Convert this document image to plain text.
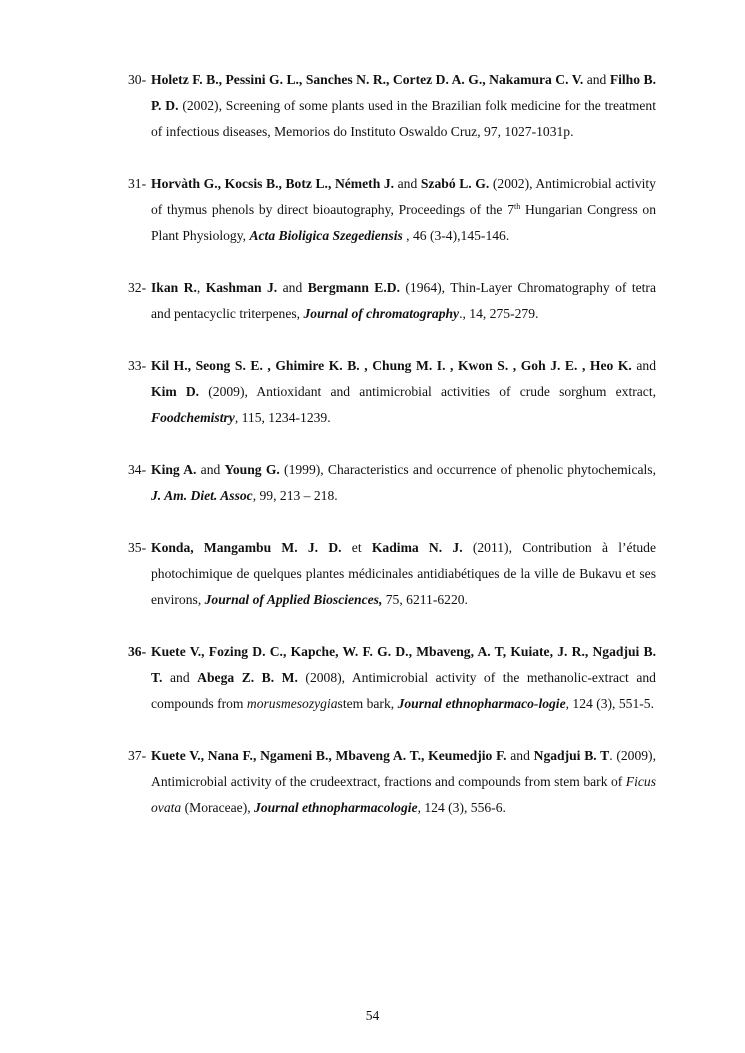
30- Holetz F. B., Pessini G. L., Sanches N. R., Cortez D. A. G., Nakamura C. V. and Filho B. P. D. (2002), Screening of some plants used in the Brazilian folk medicine for the treatment of infectious diseases, Memorios do Instituto Oswaldo Cruz, 97, 1027-1031p.
31- Horvàth G., Kocsis B., Botz L., Németh J. and Szabó L. G. (2002), Antimicrobial activity of thymus phenols by direct bioautography, Proceedings of the 7th Hungarian Congress on Plant Physiology, Acta Bioligica Szegediensis , 46 (3-4),145-146.
32- Ikan R., Kashman J. and Bergmann E.D. (1964), Thin-Layer Chromatography of tetra and pentacyclic triterpenes, Journal of chromatography., 14, 275-279.
33- Kil H., Seong S. E. , Ghimire K. B. , Chung M. I. , Kwon S. , Goh J. E. , Heo K. and Kim D. (2009), Antioxidant and antimicrobial activities of crude sorghum extract, Foodchemistry, 115, 1234-1239.
34- King A. and Young G. (1999), Characteristics and occurrence of phenolic phytochemicals, J. Am. Diet. Assoc, 99, 213 – 218.
35- Konda, Mangambu M. J. D. et Kadima N. J. (2011), Contribution à l’étude photochimique de quelques plantes médicinales antidiabétiques de la ville de Bukavu et ses environs, Journal of Applied Biosciences, 75, 6211-6220.
36- Kuete V., Fozing D. C., Kapche, W. F. G. D., Mbaveng, A. T, Kuiate, J. R., Ngadjui B. T. and Abega Z. B. M. (2008), Antimicrobial activity of the methanolic-extract and compounds from morusmesozygiastem bark, Journal ethnopharmaco-logie, 124 (3), 551-5.
37- Kuete V., Nana F., Ngameni B., Mbaveng A. T., Keumedjio F. and Ngadjui B. T. (2009), Antimicrobial activity of the crudeextract, fractions and compounds from stem bark of Ficus ovata (Moraceae), Journal ethnopharmacologie, 124 (3), 556-6.
54
